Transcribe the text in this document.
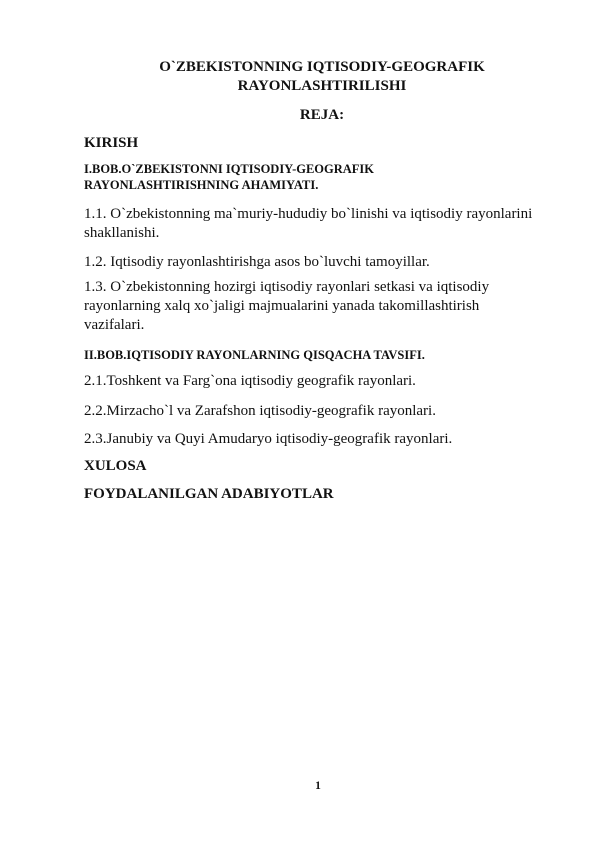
O`ZBEKISTONNING IQTISODIY-GEOGRAFIK RAYONLASHTIRILISHI
REJA:

KIRISH

I.BOB.O`ZBEKISTONNI IQTISODIY-GEOGRAFIK RAYONLASHTIRISHNING AHAMIYATI.

1.1. O`zbekistonning ma`muriy-hududiy bo`linishi va iqtisodiy rayonlarini shakllanishi.

1.2. Iqtisodiy rayonlashtirishga asos bo`luvchi tamoyillar.

1.3. O`zbekistonning hozirgi iqtisodiy rayonlari setkasi va iqtisodiy rayonlarning xalq xo`jaligi majmualarini yanada takomillashtirish vazifalari.

II.BOB.IQTISODIY RAYONLARNING QISQACHA TAVSIFI.

2.1.Toshkent va Farg`ona iqtisodiy geografik rayonlari.

2.2.Mirzacho`l va Zarafshon iqtisodiy-geografik rayonlari.

2.3.Janubiy va Quyi Amudaryo iqtisodiy-geografik rayonlari.

XULOSA

FOYDALANILGAN ADABIYOTLAR

1
